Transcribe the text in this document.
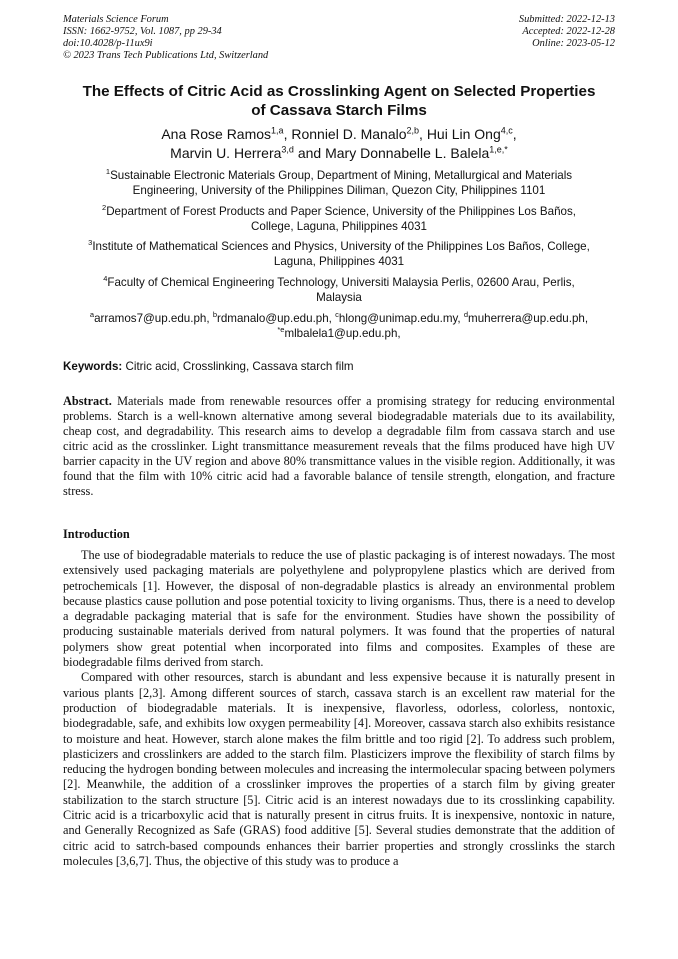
Materials Science Forum
ISSN: 1662-9752, Vol. 1087, pp 29-34
doi:10.4028/p-11ux9i
© 2023 Trans Tech Publications Ltd, Switzerland
Submitted: 2022-12-13
Accepted: 2022-12-28
Online: 2023-05-12
The Effects of Citric Acid as Crosslinking Agent on Selected Properties
of Cassava Starch Films
Ana Rose Ramos$^{1,a}$, Ronniel D. Manalo$^{2,b}$, Hui Lin Ong$^{4,c}$,
Marvin U. Herrera$^{3,d}$ and Mary Donnabelle L. Balela$^{1,e,*}$
$^1$Sustainable Electronic Materials Group, Department of Mining, Metallurgical and Materials
Engineering, University of the Philippines Diliman, Quezon City, Philippines 1101
$^2$Department of Forest Products and Paper Science, University of the Philippines Los Baños,
College, Laguna, Philippines 4031
$^3$Institute of Mathematical Sciences and Physics, University of the Philippines Los Baños, College,
Laguna, Philippines 4031
$^4$Faculty of Chemical Engineering Technology, Universiti Malaysia Perlis, 02600 Arau, Perlis,
Malaysia
$^a$arramos7@up.edu.ph, $^b$rdmanalo@up.edu.ph, $^c$hlong@unimap.edu.my, $^d$muherrera@up.edu.ph,
$^{*e}$mlbalela1@up.edu.ph,
Keywords: Citric acid, Crosslinking, Cassava starch film
Abstract. Materials made from renewable resources offer a promising strategy for reducing environmental problems. Starch is a well-known alternative among several biodegradable materials due to its availability, cheap cost, and degradability. This research aims to develop a degradable film from cassava starch and use citric acid as the crosslinker. Light transmittance measurement reveals that the films produced have high UV barrier capacity in the UV region and above 80% transmittance values in the visible region. Additionally, it was found that the film with 10% citric acid had a favorable balance of tensile strength, elongation, and fracture stress.
Introduction

The use of biodegradable materials to reduce the use of plastic packaging is of interest nowadays. The most extensively used packaging materials are polyethylene and polypropylene plastics which are derived from petrochemicals [1]. However, the disposal of non-degradable plastics is already an environmental problem because plastics cause pollution and pose potential toxicity to living organisms. Thus, there is a need to develop a degradable packaging material that is safe for the environment. Studies have shown the possibility of producing sustainable materials derived from natural polymers. It was found that the properties of natural polymers show great potential when incorporated into films and composites. Examples of these are biodegradable films derived from starch.

Compared with other resources, starch is abundant and less expensive because it is naturally present in various plants [2,3]. Among different sources of starch, cassava starch is an excellent raw material for the production of biodegradable materials. It is inexpensive, flavorless, odorless, colorless, nontoxic, biodegradable, safe, and exhibits low oxygen permeability [4]. Moreover, cassava starch also exhibits resistance to moisture and heat. However, starch alone makes the film brittle and too rigid [2]. To address such problem, plasticizers and crosslinkers are added to the starch film. Plasticizers improve the flexibility of starch films by reducing the hydrogen bonding between molecules and increasing the intermolecular spacing between polymers [2]. Meanwhile, the addition of a crosslinker improves the properties of a starch film by giving greater stabilization to the starch structure [5]. Citric acid is an interest nowadays due to its crosslinking capability. Citric acid is a tricarboxylic acid that is naturally present in citrus fruits. It is inexpensive, nontoxic in nature, and Generally Recognized as Safe (GRAS) food additive [5]. Several studies demonstrate that the addition of citric acid to satrch-based compounds enhances their barrier properties and strongly crosslinks the starch molecules [3,6,7]. Thus, the objective of this study was to produce a
